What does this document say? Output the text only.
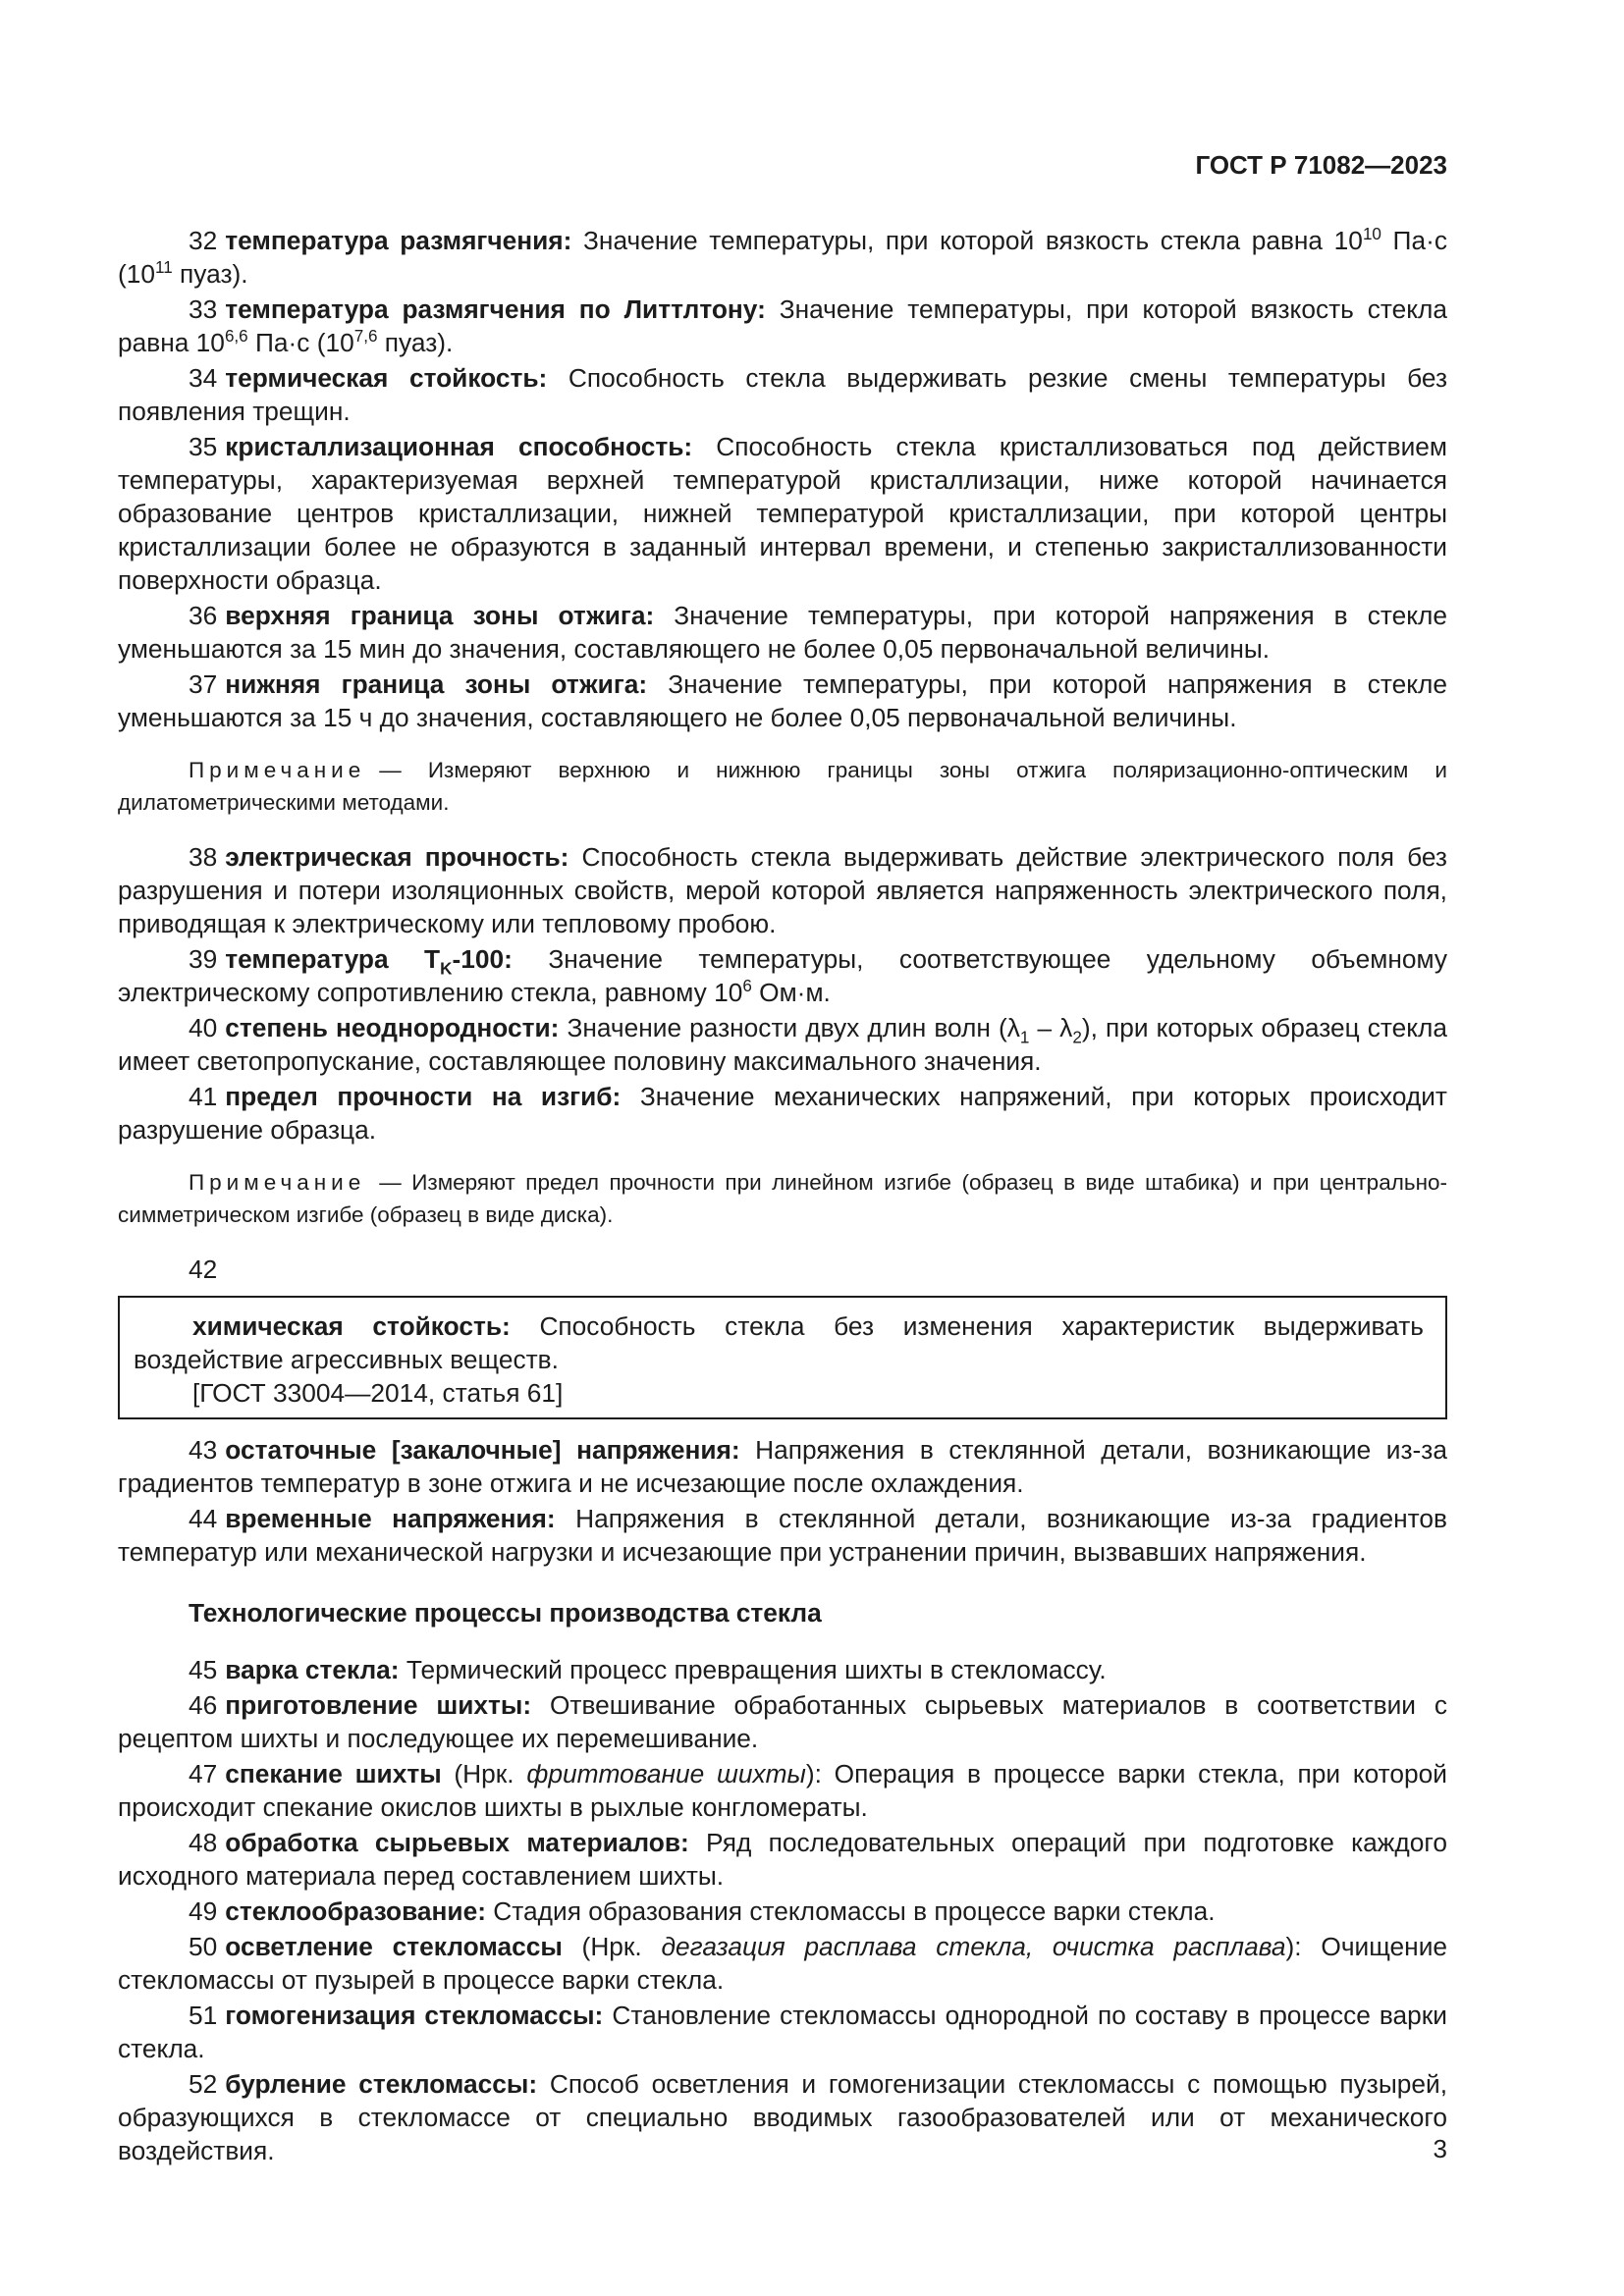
ГОСТ Р 71082—2023

32 температура размягчения: Значение температуры, при которой вязкость стекла равна $10^{10}$ Па·с ($10^{11}$ пуаз).

33 температура размягчения по Литтлтону: Значение температуры, при которой вязкость стекла равна 10$^{6,6}$ Па·с (10$^{7,6}$ пуаз).

34 термическая стойкость: Способность стекла выдерживать резкие смены температуры без появления трещин.

35 кристаллизационная способность: Способность стекла кристаллизоваться под действием температуры, характеризуемая верхней температурой кристаллизации, ниже которой начинается образование центров кристаллизации, нижней температурой кристаллизации, при которой центры кристаллизации более не образуются в заданный интервал времени, и степенью закристаллизованности поверхности образца.

36 верхняя граница зоны отжига: Значение температуры, при которой напряжения в стекле уменьшаются за 15 мин до значения, составляющего не более 0,05 первоначальной величины.

37 нижняя граница зоны отжига: Значение температуры, при которой напряжения в стекле уменьшаются за 15 ч до значения, составляющего не более 0,05 первоначальной величины.

Примечание — Измеряют верхнюю и нижнюю границы зоны отжига поляризационно-оптическим и дилатометрическими методами.

38 электрическая прочность: Способность стекла выдерживать действие электрического поля без разрушения и потери изоляционных свойств, мерой которой является напряженность электрического поля, приводящая к электрическому или тепловому пробою.

39 температура $T_K-100$: Значение температуры, соответствующее удельному объемному электрическому сопротивлению стекла, равному $10^6$ Ом·м.

40 степень неоднородности: Значение разности двух длин волн $(\lambda_1 - \lambda_2)$, при которых образец стекла имеет светопропускание, составляющее половину максимального значения.

41 предел прочности на изгиб: Значение механических напряжений, при которых происходит разрушение образца.

Примечание — Измеряют предел прочности при линейном изгибе (образец в виде штабика) и при центрально-симметрическом изгибе (образец в виде диска).
42

химическая стойкость: Способность стекла без изменения характеристик выдерживать воздействие агрессивных веществ.

[ГОСТ 33004—2014, статья 61]

43 остаточные [закалочные] напряжения: Напряжения в стеклянной детали, возникающие из-за градиентов температур в зоне отжига и не исчезающие после охлаждения.

44 временные напряжения: Напряжения в стеклянной детали, возникающие из-за градиентов температур или механической нагрузки и исчезающие при устранении причин, вызвавших напряжения.

Технологические процессы производства стекла

45 варка стекла: Термический процесс превращения шихты в стекломассу.

46 приготовление шихты: Отвешивание обработанных сырьевых материалов в соответствии с рецептом шихты и последующее их перемешивание.

47 спекание шихты (Нрк. фриттование шихты): Операция в процессе варки стекла, при которой происходит спекание окислов шихты в рыхлые конгломераты.

48 обработка сырьевых материалов: Ряд последовательных операций при подготовке каждого исходного материала перед составлением шихты.

49 стеклообразование: Стадия образования стекломассы в процессе варки стекла.

50 осветление стекломассы (Нрк. дегазация расплава стекла, очистка расплава): Очищение стекломассы от пузырей в процессе варки стекла.

51 гомогенизация стекломассы: Становление стекломассы однородной по составу в процессе варки стекла.

52 бурление стекломассы: Способ осветления и гомогенизации стекломассы с помощью пузырей, образующихся в стекломассе от специально вводимых газообразователей или от механического воздействия.	3
